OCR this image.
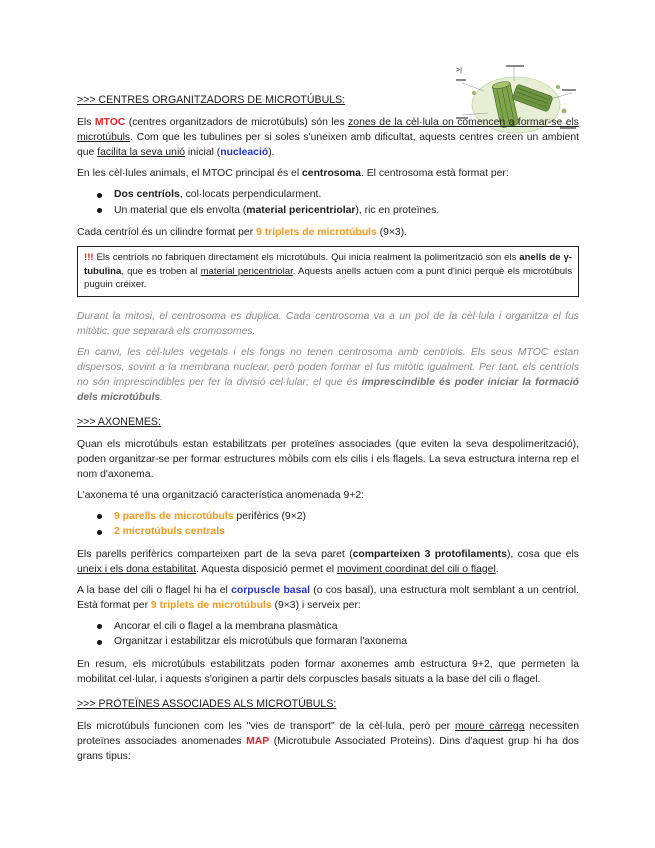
>|
>>> CENTRES ORGANITZADORS DE MICROTÚBULS:

Els MTOC (centres organitzadors de microtúbuls) són les zones de la cèl·lula on comencen a formar-se els microtúbuls. Com que les tubulines per si soles s'uneixen amb dificultat, aquests centres creen un ambient que facilita la seva unió inicial (nucleació).

En les cèl·lules animals, el MTOC principal és el centrosoma. El centrosoma està format per:

Dos centríols, col·locats perpendicularment.
Un material que els envolta (material pericentriolar), ric en proteïnes.

Cada centríol és un cilindre format per 9 triplets de microtúbuls (9×3).

!!! Els centríols no fabriquen directament els microtúbuls. Qui inicia realment la polimerització són els anells de γ-tubulina, que es troben al material pericentriolar. Aquests anells actuen com a punt d'inici perquè els microtúbuls puguin créixer.

Durant la mitosi, el centrosoma es duplica. Cada centrosoma va a un pol de la cèl·lula i organitza el fus mitòtic, que separarà els cromosomes.

En canvi, les cèl·lules vegetals i els fongs no tenen centrosoma amb centríols. Els seus MTOC estan dispersos, sovint a la membrana nuclear, però poden formar el fus mitòtic igualment. Per tant, els centríols no són imprescindibles per fer la divisió cel·lular; el que és imprescindible és poder iniciar la formació dels microtúbuls.

>>> AXONEMES:

Quan els microtúbuls estan estabilitzats per proteïnes associades (que eviten la seva despolimerització), poden organitzar-se per formar estructures mòbils com els cilis i els flagels. La seva estructura interna rep el nom d'axonema.

L'axonema té una organització característica anomenada 9+2:

9 parells de microtúbuls perifèrics (9×2)
2 microtúbuls centrals

Els parells perifèrics comparteixen part de la seva paret (comparteixen 3 protofilaments), cosa que els uneix i els dona estabilitat. Aquesta disposició permet el moviment coordinat del cili o flagel.

A la base del cili o flagel hi ha el corpuscle basal (o cos basal), una estructura molt semblant a un centríol. Està format per 9 triplets de microtúbuls (9×3) i serveix per:

Ancorar el cili o flagel a la membrana plasmàtica
Organitzar i estabilitzar els microtúbuls que formaran l'axonema

En resum, els microtúbuls estabilitzats poden formar axonemes amb estructura 9+2, que permeten la mobilitat cel·lular, i aquests s'originen a partir dels corpuscles basals situats a la base del cili o flagel.

>>> PROTEÏNES ASSOCIADES ALS MICROTÚBULS:

Els microtúbuls funcionen com les "vies de transport" de la cèl·lula, però per moure càrrega necessiten proteïnes associades anomenades MAP (Microtubule Associated Proteins). Dins d'aquest grup hi ha dos grans tipus:
